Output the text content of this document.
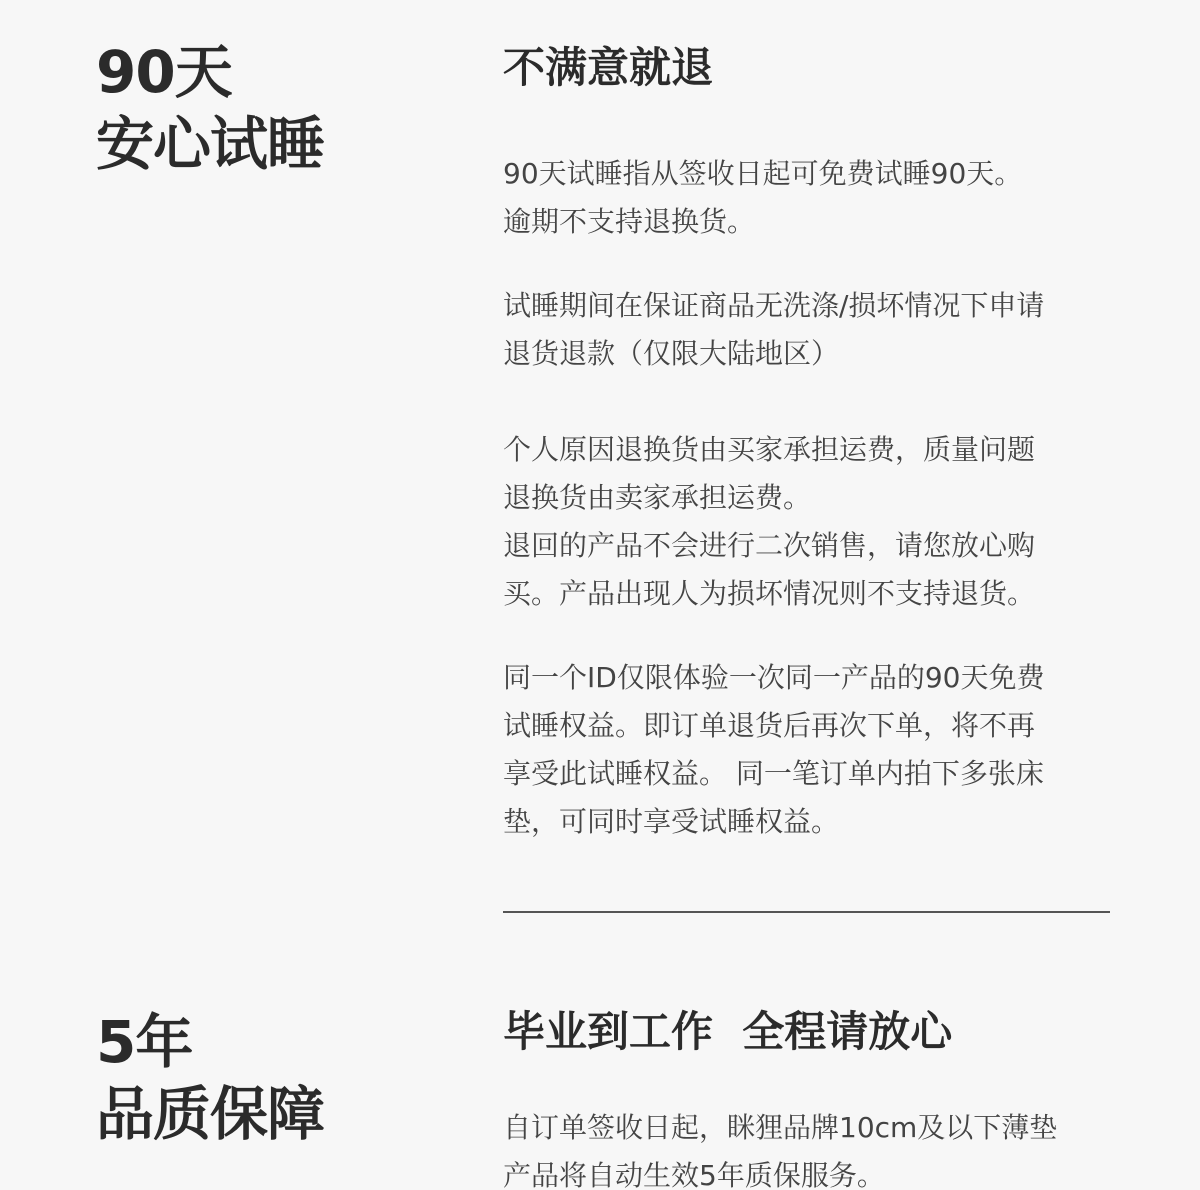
90天
安心试睡
不满意就退

90天试睡指从签收日起可免费试睡90天。
逾期不支持退换货。

试睡期间在保证商品无洗涤/损坏情况下申请
退货退款（仅限大陆地区）

个人原因退换货由买家承担运费，质量问题
退换货由卖家承担运费。
退回的产品不会进行二次销售，请您放心购
买。产品出现人为损坏情况则不支持退货。

同一个ID仅限体验一次同一产品的90天免费
试睡权益。即订单退货后再次下单，将不再
享受此试睡权益。 同一笔订单内拍下多张床
垫，可同时享受试睡权益。

5年
品质保障
毕业到工作  全程请放心

自订单签收日起，眯狸品牌10cm及以下薄垫
产品将自动生效5年质保服务。
